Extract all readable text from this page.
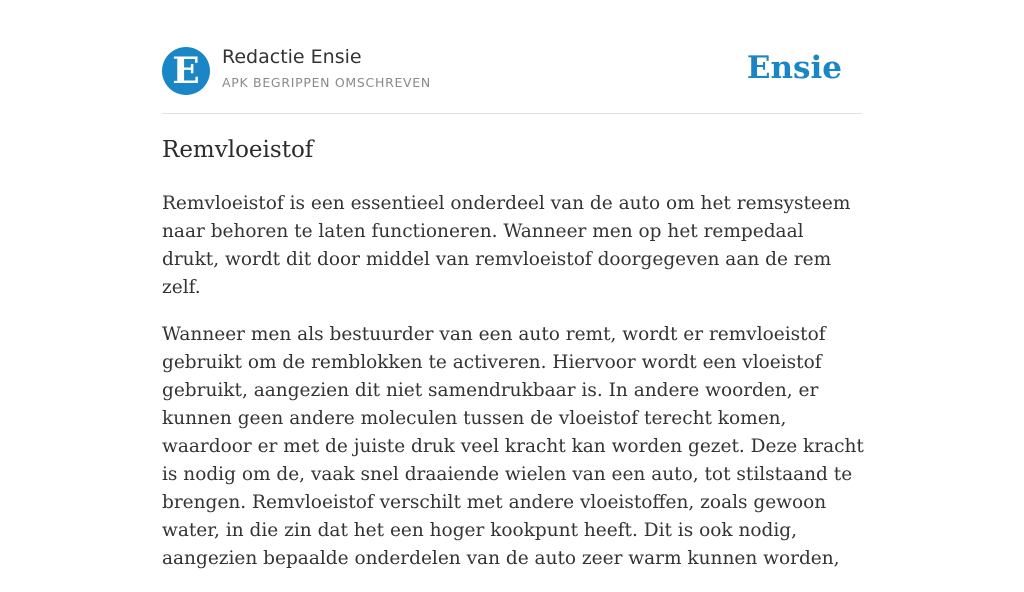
E	Redactie Ensie
APK BEGRIPPEN OMSCHREVEN	Ensie
Remvloeistof

Remvloeistof is een essentieel onderdeel van de auto om het remsysteem naar behoren te laten functioneren. Wanneer men op het rempedaal drukt, wordt dit door middel van remvloeistof doorgegeven aan de rem zelf.

Wanneer men als bestuurder van een auto remt, wordt er remvloeistof gebruikt om de remblokken te activeren. Hiervoor wordt een vloeistof gebruikt, aangezien dit niet samendrukbaar is. In andere woorden, er kunnen geen andere moleculen tussen de vloeistof terecht komen, waardoor er met de juiste druk veel kracht kan worden gezet. Deze kracht is nodig om de, vaak snel draaiende wielen van een auto, tot stilstaand te brengen. Remvloeistof verschilt met andere vloeistoffen, zoals gewoon water, in die zin dat het een hoger kookpunt heeft. Dit is ook nodig, aangezien bepaalde onderdelen van de auto zeer warm kunnen worden,
